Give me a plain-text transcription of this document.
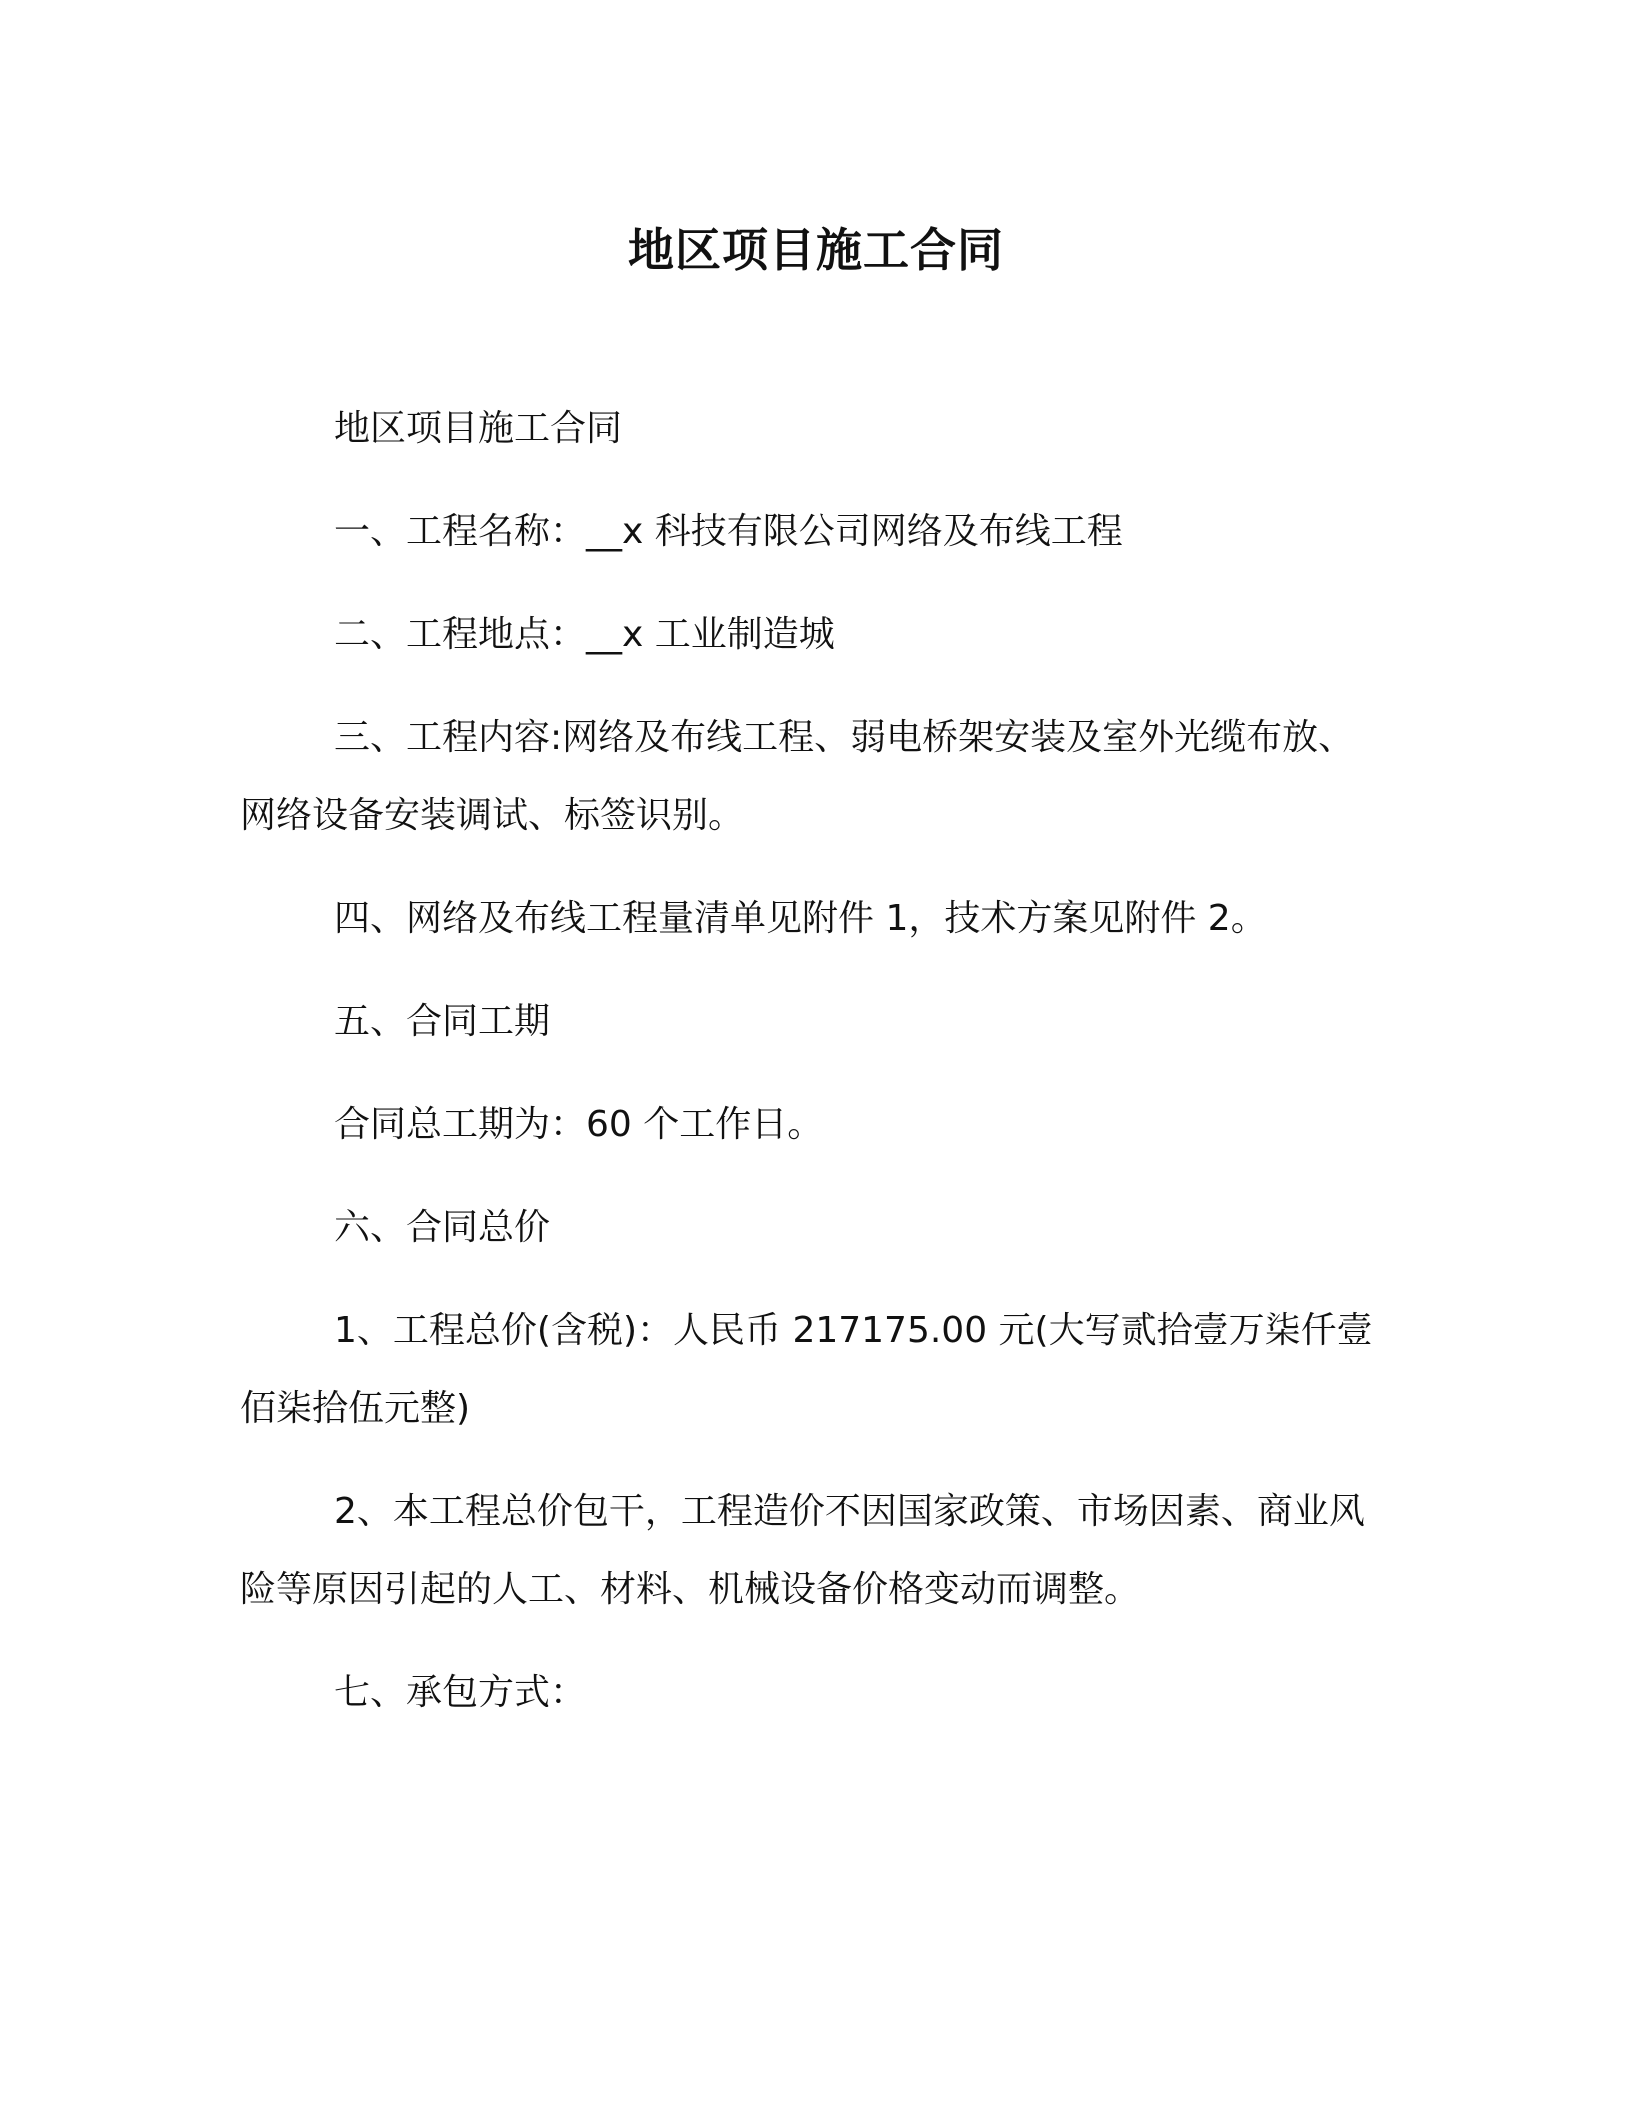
地区项目施工合同

地区项目施工合同

一、工程名称：__x 科技有限公司网络及布线工程

二、工程地点：__x 工业制造城

三、工程内容:网络及布线工程、弱电桥架安装及室外光缆布放、网络设备安装调试、标签识别。

四、网络及布线工程量清单见附件 1，技术方案见附件 2。

五、合同工期

合同总工期为：60 个工作日。

六、合同总价

1、工程总价(含税)：人民币 217175.00 元(大写贰拾壹万柒仟壹佰柒拾伍元整)

2、本工程总价包干，工程造价不因国家政策、市场因素、商业风险等原因引起的人工、材料、机械设备价格变动而调整。

七、承包方式：
